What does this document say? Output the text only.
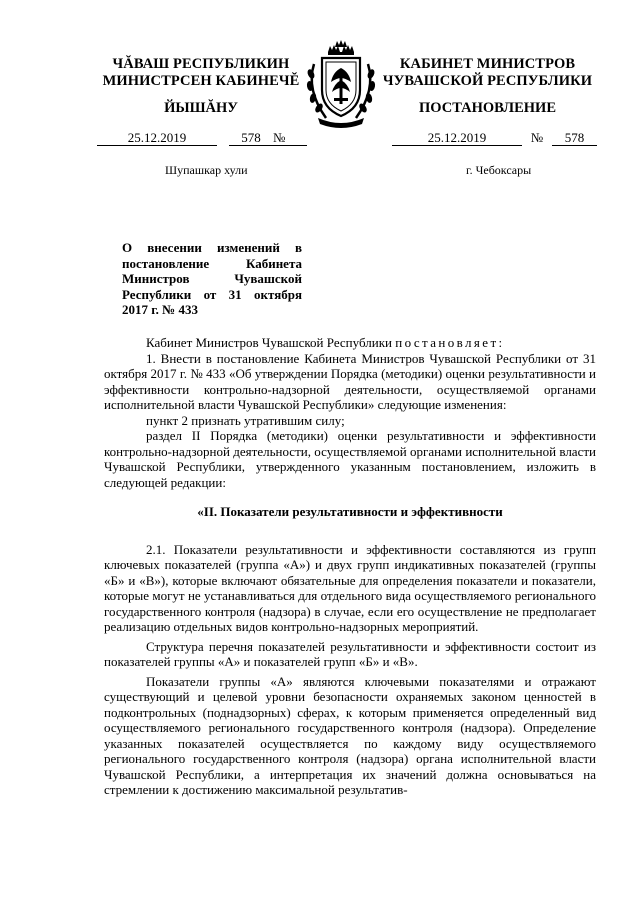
ЧĂВАШ РЕСПУБЛИКИН
МИНИСТРСЕН КАБИНЕЧĔ
ЙЫШĂНУ
КАБИНЕТ МИНИСТРОВ
ЧУВАШСКОЙ РЕСПУБЛИКИ
ПОСТАНОВЛЕНИЕ
25.12.2019	578 №	25.12.2019	№	578
Шупашкар хули	г. Чебоксары
О внесении изменений в постановление Кабинета Министров Чувашской Республики от 31 октября 2017 г. № 433

Кабинет Министров Чувашской Республики постановляет:

1. Внести в постановление Кабинета Министров Чувашской Республики от 31 октября 2017 г. № 433 «Об утверждении Порядка (методики) оценки результативности и эффективности контрольно-надзорной деятельности, осуществляемой органами исполнительной власти Чувашской Республики» следующие изменения:

пункт 2 признать утратившим силу;

раздел II Порядка (методики) оценки результативности и эффективности контрольно-надзорной деятельности, осуществляемой органами исполнительной власти Чувашской Республики, утвержденного указанным постановлением, изложить в следующей редакции:

«II. Показатели результативности и эффективности

2.1. Показатели результативности и эффективности составляются из групп ключевых показателей (группа «А») и двух групп индикативных показателей (группы «Б» и «В»), которые включают обязательные для определения показатели и показатели, которые могут не устанавливаться для отдельного вида осуществляемого регионального государственного контроля (надзора) в случае, если его осуществление не предполагает реализацию отдельных видов контрольно-надзорных мероприятий.

Структура перечня показателей результативности и эффективности состоит из показателей группы «А» и показателей групп «Б» и «В».

Показатели группы «А» являются ключевыми показателями и отражают существующий и целевой уровни безопасности охраняемых законом ценностей в подконтрольных (поднадзорных) сферах, к которым применяется определенный вид осуществляемого регионального государственного контроля (надзора). Определение указанных показателей осуществляется по каждому виду осуществляемого регионального государственного контроля (надзора) органа исполнительной власти Чувашской Республики, а интерпретация их значений должна основываться на стремлении к достижению максимальной результатив-
